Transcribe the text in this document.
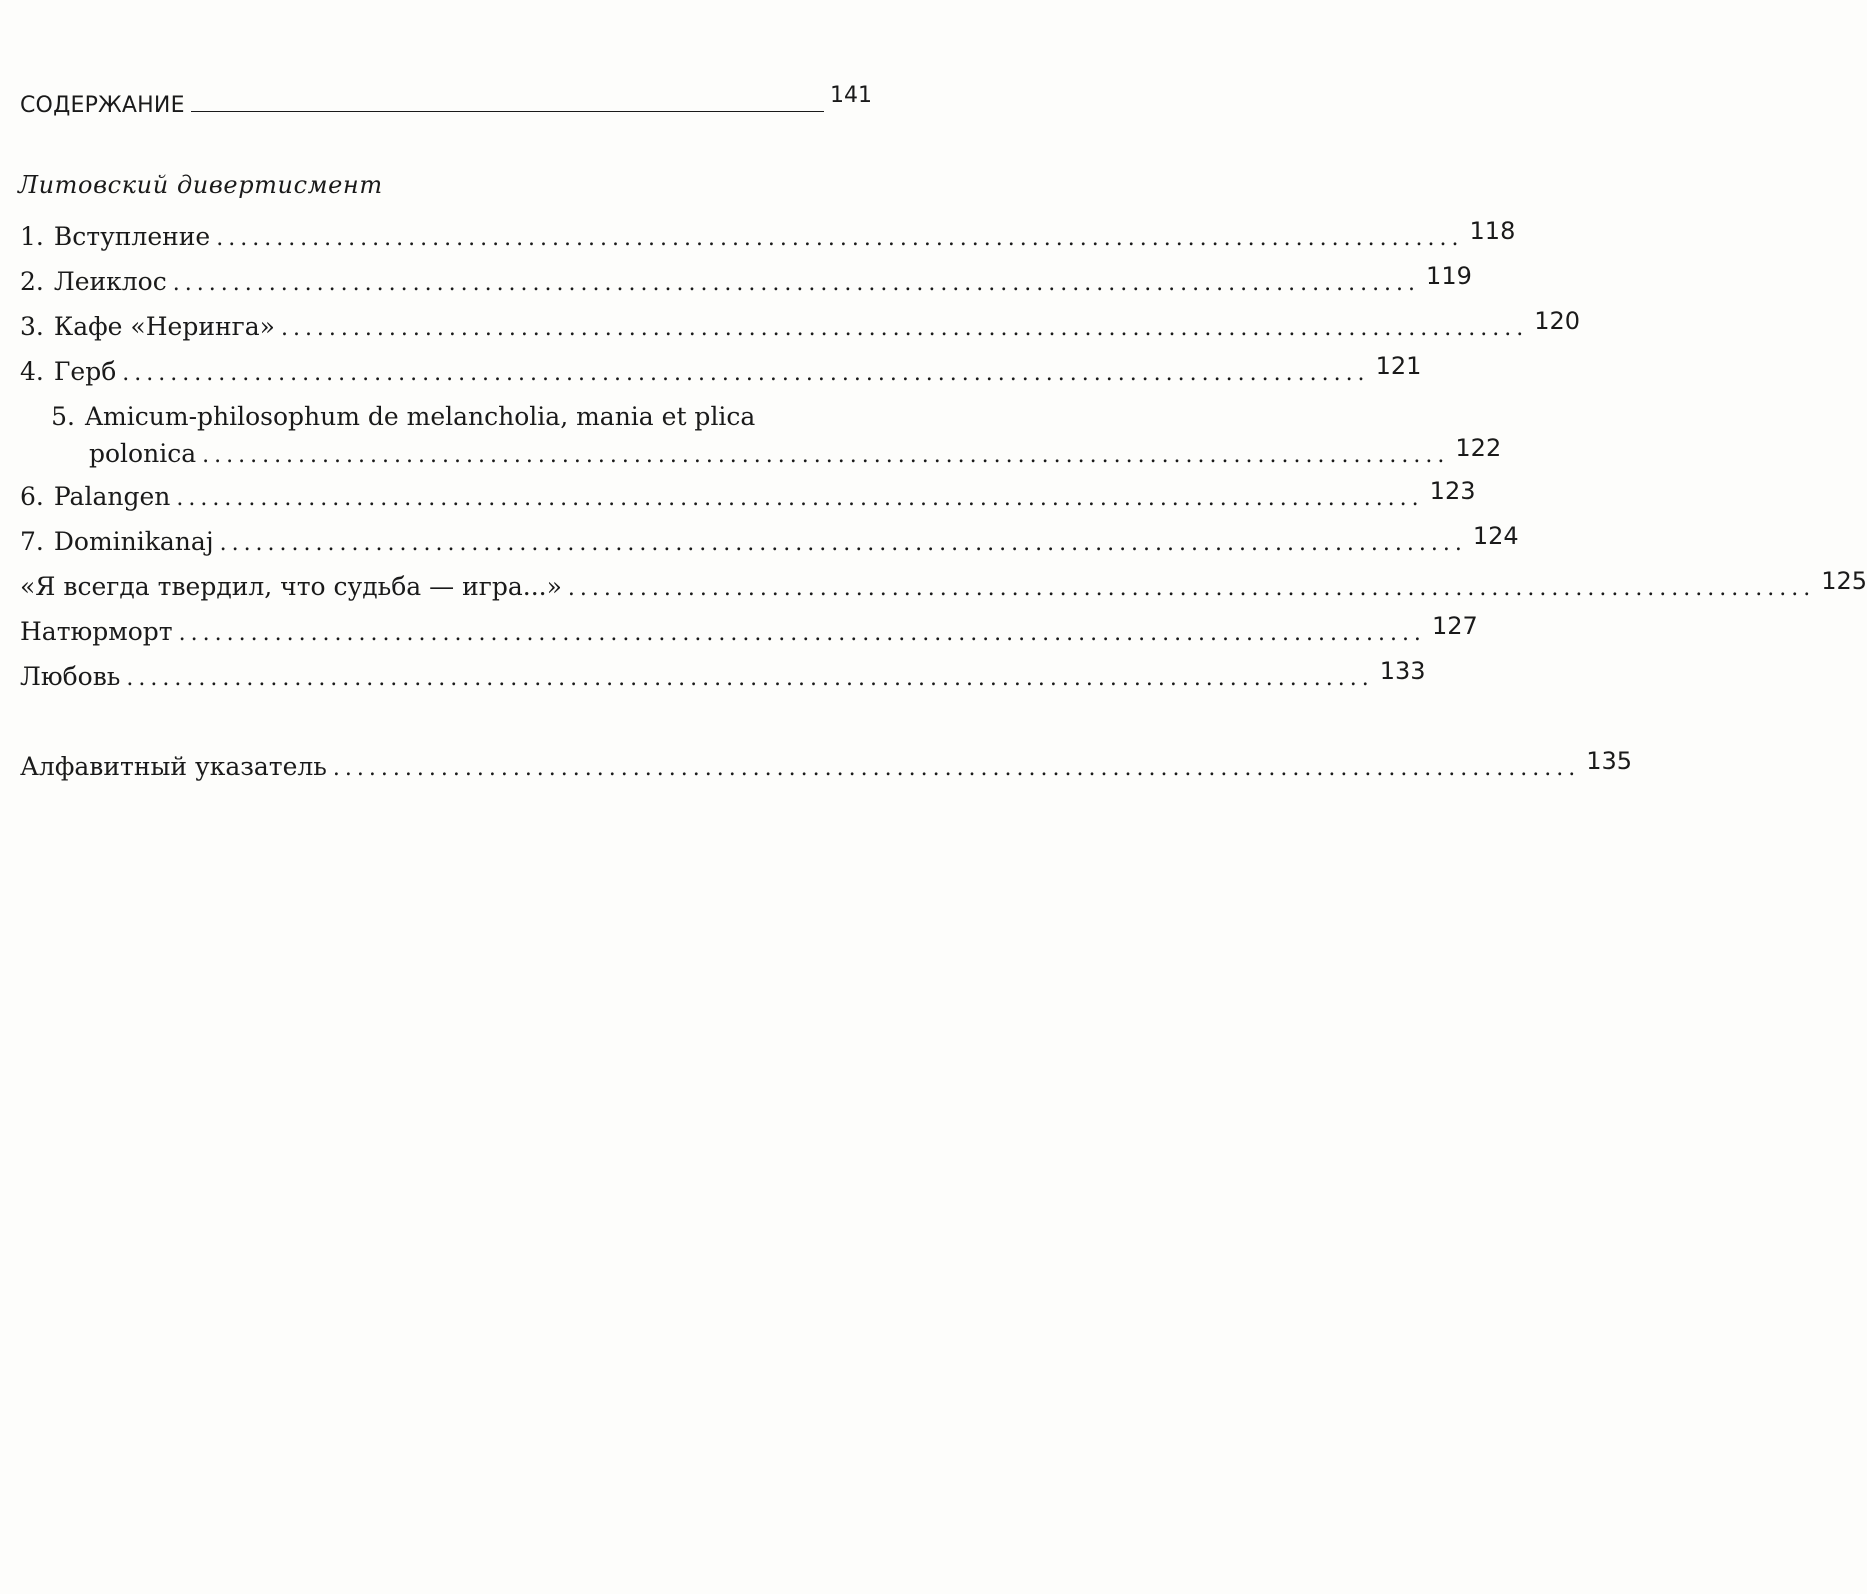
СОДЕРЖАНИЕ	141
Литовский дивертисмент
1. Вступление ........................................................................................................ 118
2. Леиклос ........................................................................................................ 119
3. Кафе «Неринга» ........................................................................................................ 120
4. Герб ........................................................................................................ 121
5. Amicum-philosophum de melancholia, mania et plica
polonica ........................................................................................................ 122
6. Palangen ........................................................................................................ 123
7. Dominikanaj ........................................................................................................ 124
«Я всегда твердил, что судьба — игра...» ........................................................................................................ 125
Натюрморт ........................................................................................................ 127
Любовь ........................................................................................................ 133
Алфавитный указатель ........................................................................................................ 135
